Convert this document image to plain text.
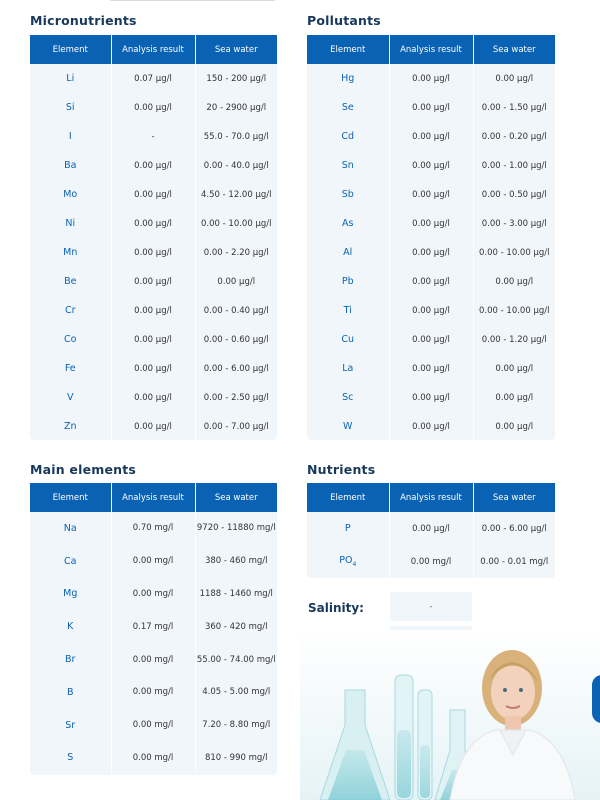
Micronutrients
Element	Analysis result	Sea water
Li	0.07 µg/l	150 - 200 µg/l
Si	0.00 µg/l	20 - 2900 µg/l
I	-	55.0 - 70.0 µg/l
Ba	0.00 µg/l	0.00 - 40.0 µg/l
Mo	0.00 µg/l	4.50 - 12.00 µg/l
Ni	0.00 µg/l	0.00 - 10.00 µg/l
Mn	0.00 µg/l	0.00 - 2.20 µg/l
Be	0.00 µg/l	0.00 µg/l
Cr	0.00 µg/l	0.00 - 0.40 µg/l
Co	0.00 µg/l	0.00 - 0.60 µg/l
Fe	0.00 µg/l	0.00 - 6.00 µg/l
V	0.00 µg/l	0.00 - 2.50 µg/l
Zn	0.00 µg/l	0.00 - 7.00 µg/l
Pollutants
Element	Analysis result	Sea water
Hg	0.00 µg/l	0.00 µg/l
Se	0.00 µg/l	0.00 - 1.50 µg/l
Cd	0.00 µg/l	0.00 - 0.20 µg/l
Sn	0.00 µg/l	0.00 - 1.00 µg/l
Sb	0.00 µg/l	0.00 - 0.50 µg/l
As	0.00 µg/l	0.00 - 3.00 µg/l
Al	0.00 µg/l	0.00 - 10.00 µg/l
Pb	0.00 µg/l	0.00 µg/l
Ti	0.00 µg/l	0.00 - 10.00 µg/l
Cu	0.00 µg/l	0.00 - 1.20 µg/l
La	0.00 µg/l	0.00 µg/l
Sc	0.00 µg/l	0.00 µg/l
W	0.00 µg/l	0.00 µg/l
Main elements
Element	Analysis result	Sea water
Na	0.70 mg/l	9720 - 11880 mg/l
Ca	0.00 mg/l	380 - 460 mg/l
Mg	0.00 mg/l	1188 - 1460 mg/l
K	0.17 mg/l	360 - 420 mg/l
Br	0.00 mg/l	55.00 - 74.00 mg/l
B	0.00 mg/l	4.05 - 5.00 mg/l
Sr	0.00 mg/l	7.20 - 8.80 mg/l
S	0.00 mg/l	810 - 990 mg/l
Nutrients
Element	Analysis result	Sea water
P	0.00 µg/l	0.00 - 6.00 µg/l
$PO_4$	0.00 mg/l	0.00 - 0.01 mg/l
Salinity:	-
